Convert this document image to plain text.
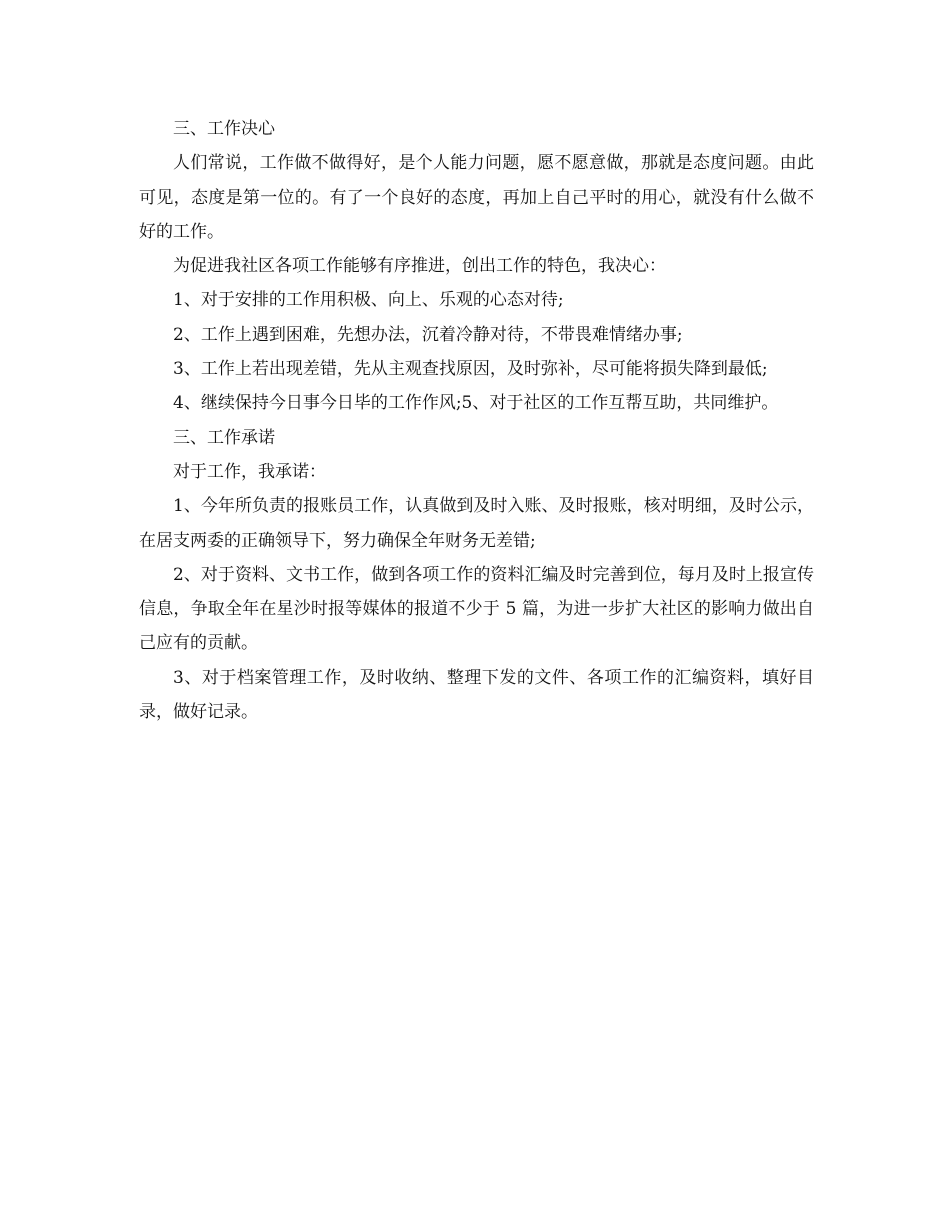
三、工作决心

人们常说，工作做不做得好，是个人能力问题，愿不愿意做，那就是态度问题。由此可见，态度是第一位的。有了一个良好的态度，再加上自己平时的用心，就没有什么做不好的工作。

为促进我社区各项工作能够有序推进，创出工作的特色，我决心：

1、对于安排的工作用积极、向上、乐观的心态对待;

2、工作上遇到困难，先想办法，沉着冷静对待，不带畏难情绪办事;

3、工作上若出现差错，先从主观查找原因，及时弥补，尽可能将损失降到最低;

4、继续保持今日事今日毕的工作作风;5、对于社区的工作互帮互助，共同维护。

三、工作承诺

对于工作，我承诺：

1、今年所负责的报账员工作，认真做到及时入账、及时报账，核对明细，及时公示，在居支两委的正确领导下，努力确保全年财务无差错;

2、对于资料、文书工作，做到各项工作的资料汇编及时完善到位，每月及时上报宣传信息，争取全年在星沙时报等媒体的报道不少于 5 篇，为进一步扩大社区的影响力做出自己应有的贡献。

3、对于档案管理工作，及时收纳、整理下发的文件、各项工作的汇编资料，填好目录，做好记录。
